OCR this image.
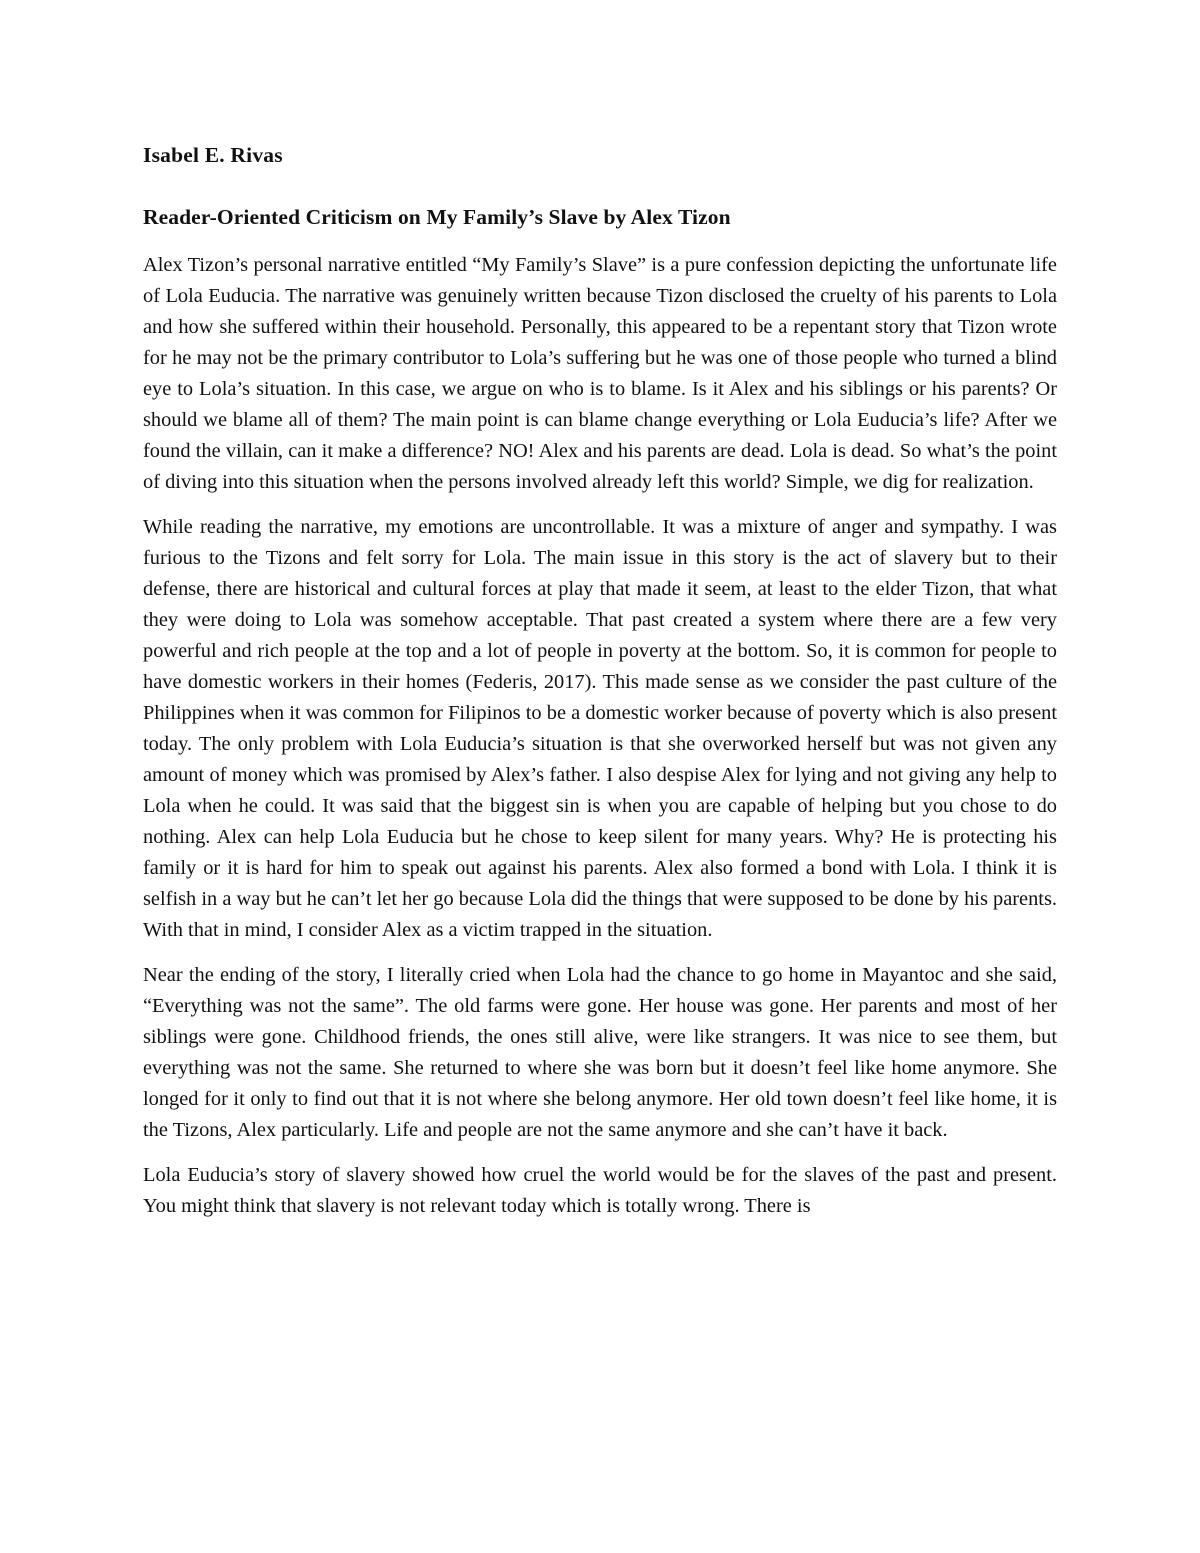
Isabel E. Rivas
Reader-Oriented Criticism on My Family’s Slave by Alex Tizon

Alex Tizon’s personal narrative entitled “My Family’s Slave” is a pure confession depicting the unfortunate life of Lola Euducia. The narrative was genuinely written because Tizon disclosed the cruelty of his parents to Lola and how she suffered within their household. Personally, this appeared to be a repentant story that Tizon wrote for he may not be the primary contributor to Lola’s suffering but he was one of those people who turned a blind eye to Lola’s situation. In this case, we argue on who is to blame. Is it Alex and his siblings or his parents? Or should we blame all of them? The main point is can blame change everything or Lola Euducia’s life? After we found the villain, can it make a difference? NO! Alex and his parents are dead. Lola is dead. So what’s the point of diving into this situation when the persons involved already left this world? Simple, we dig for realization.

While reading the narrative, my emotions are uncontrollable. It was a mixture of anger and sympathy. I was furious to the Tizons and felt sorry for Lola. The main issue in this story is the act of slavery but to their defense, there are historical and cultural forces at play that made it seem, at least to the elder Tizon, that what they were doing to Lola was somehow acceptable. That past created a system where there are a few very powerful and rich people at the top and a lot of people in poverty at the bottom. So, it is common for people to have domestic workers in their homes (Federis, 2017). This made sense as we consider the past culture of the Philippines when it was common for Filipinos to be a domestic worker because of poverty which is also present today. The only problem with Lola Euducia’s situation is that she overworked herself but was not given any amount of money which was promised by Alex’s father. I also despise Alex for lying and not giving any help to Lola when he could. It was said that the biggest sin is when you are capable of helping but you chose to do nothing. Alex can help Lola Euducia but he chose to keep silent for many years. Why? He is protecting his family or it is hard for him to speak out against his parents. Alex also formed a bond with Lola. I think it is selfish in a way but he can’t let her go because Lola did the things that were supposed to be done by his parents. With that in mind, I consider Alex as a victim trapped in the situation.

Near the ending of the story, I literally cried when Lola had the chance to go home in Mayantoc and she said, “Everything was not the same”. The old farms were gone. Her house was gone. Her parents and most of her siblings were gone. Childhood friends, the ones still alive, were like strangers. It was nice to see them, but everything was not the same. She returned to where she was born but it doesn’t feel like home anymore. She longed for it only to find out that it is not where she belong anymore. Her old town doesn’t feel like home, it is the Tizons, Alex particularly. Life and people are not the same anymore and she can’t have it back.

Lola Euducia’s story of slavery showed how cruel the world would be for the slaves of the past and present. You might think that slavery is not relevant today which is totally wrong. There is
